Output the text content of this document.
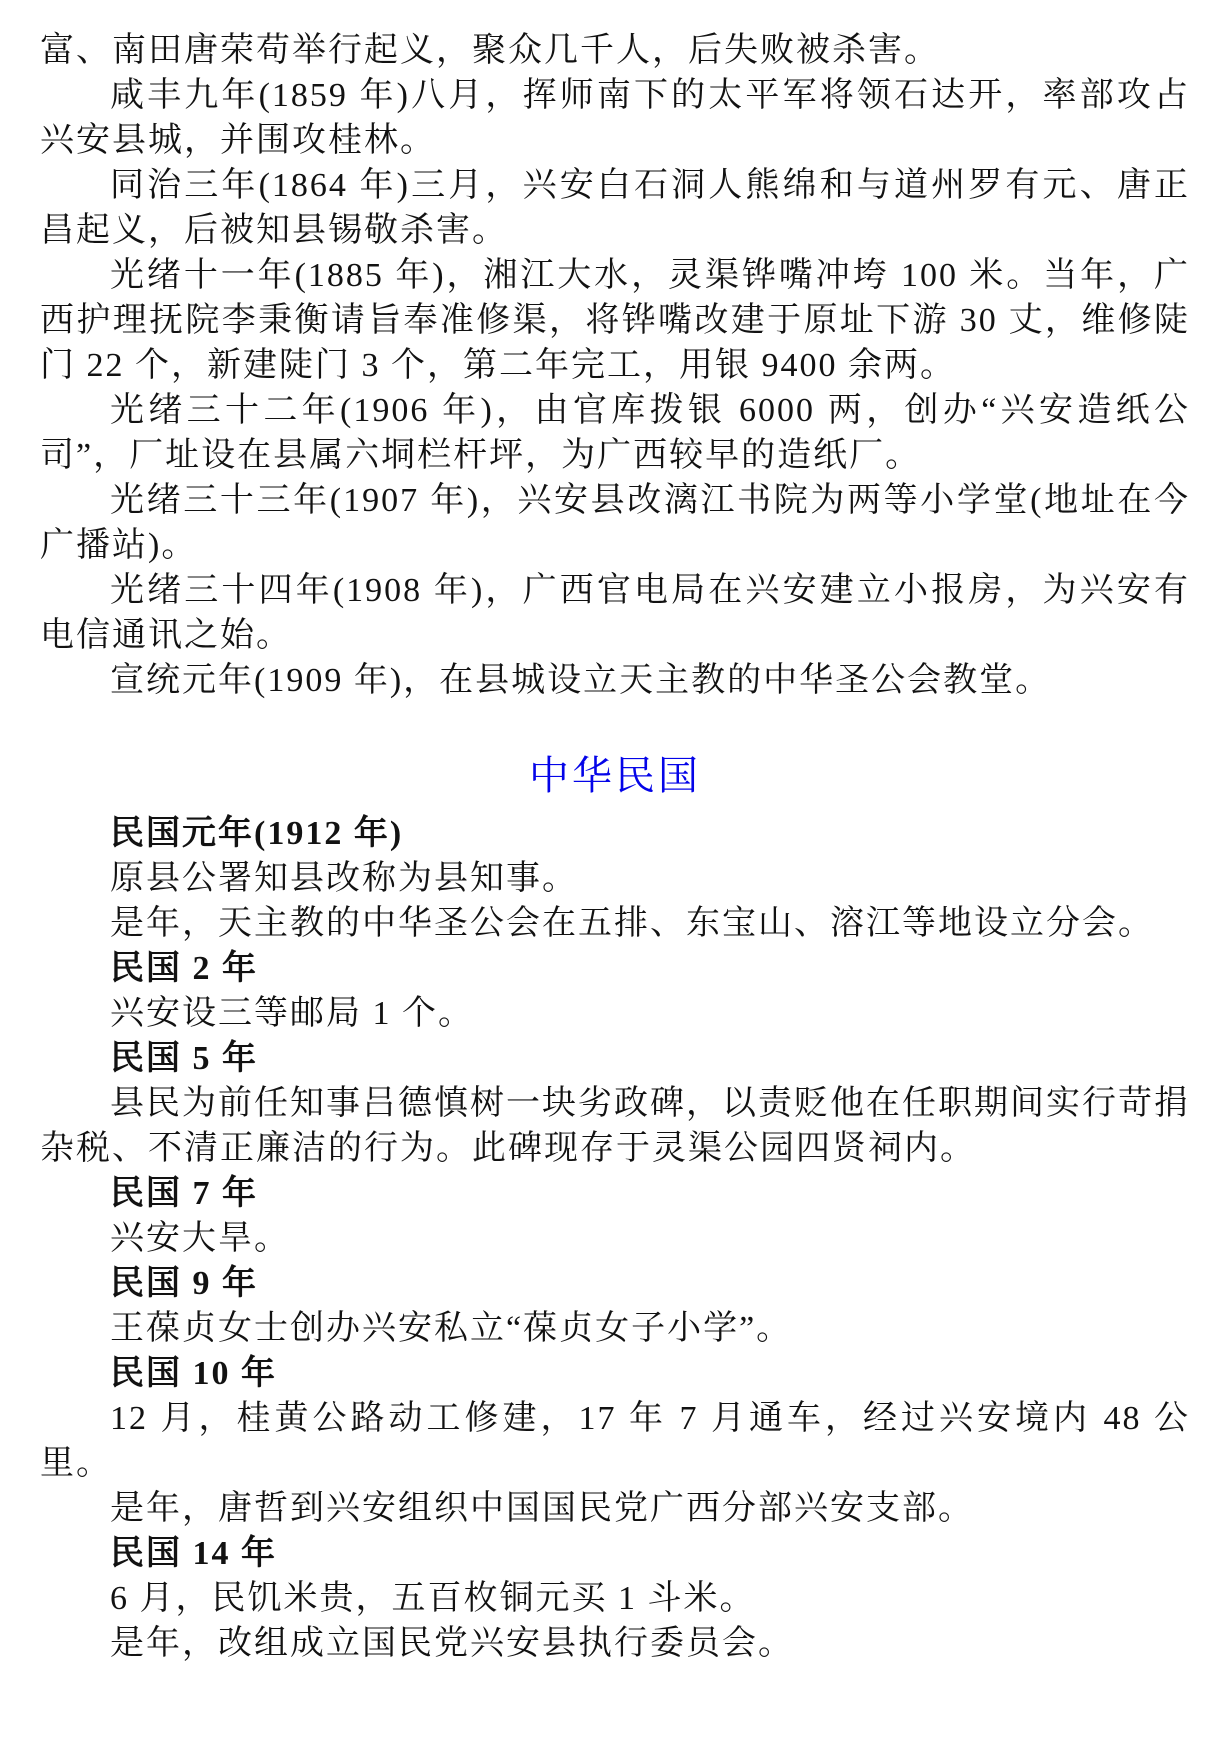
富、南田唐荣苟举行起义，聚众几千人，后失败被杀害。

咸丰九年(1859 年)八月，挥师南下的太平军将领石达开，率部攻占兴安县城，并围攻桂林。

同治三年(1864 年)三月，兴安白石洞人熊绵和与道州罗有元、唐正昌起义，后被知县锡敬杀害。

光绪十一年(1885 年)，湘江大水，灵渠铧嘴冲垮 100 米。当年，广西护理抚院李秉衡请旨奉准修渠，将铧嘴改建于原址下游 30 丈，维修陡门 22 个，新建陡门 3 个，第二年完工，用银 9400 余两。

光绪三十二年(1906 年)，由官库拨银 6000 两，创办“兴安造纸公司”，厂址设在县属六垌栏杆坪，为广西较早的造纸厂。

光绪三十三年(1907 年)，兴安县改漓江书院为两等小学堂(地址在今广播站)。

光绪三十四年(1908 年)，广西官电局在兴安建立小报房，为兴安有电信通讯之始。

宣统元年(1909 年)，在县城设立天主教的中华圣公会教堂。

中华民国

民国元年(1912 年)

原县公署知县改称为县知事。

是年，天主教的中华圣公会在五排、东宝山、溶江等地设立分会。

民国 2 年

兴安设三等邮局 1 个。

民国 5 年

县民为前任知事吕德慎树一块劣政碑，以责贬他在任职期间实行苛捐杂税、不清正廉洁的行为。此碑现存于灵渠公园四贤祠内。

民国 7 年

兴安大旱。

民国 9 年

王葆贞女士创办兴安私立“葆贞女子小学”。

民国 10 年

12 月，桂黄公路动工修建，17 年 7 月通车，经过兴安境内 48 公里。

是年，唐哲到兴安组织中国国民党广西分部兴安支部。

民国 14 年

6 月，民饥米贵，五百枚铜元买 1 斗米。

是年，改组成立国民党兴安县执行委员会。
